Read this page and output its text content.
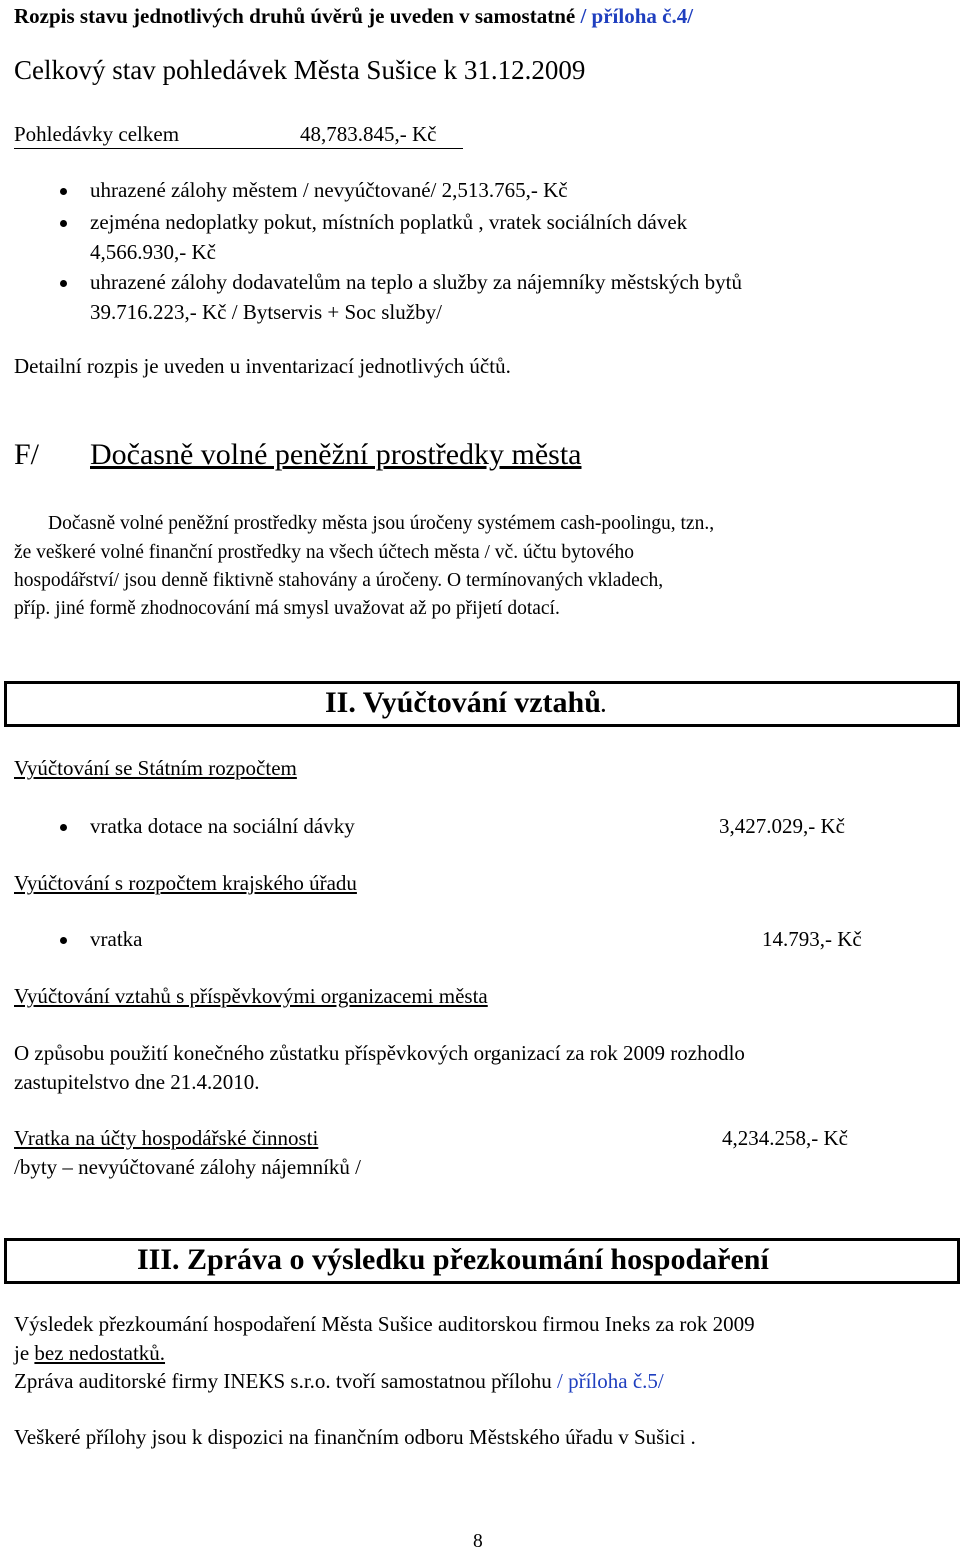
Rozpis stavu jednotlivých druhů úvěrů je uveden v samostatné / příloha č.4/
Celkový stav pohledávek Města Sušice k 31.12.2009
Pohledávky celkem	48,783.845,- Kč
uhrazené zálohy městem / nevyúčtované/ 2,513.765,- Kč
zejména nedoplatky pokut, místních poplatků , vratek sociálních dávek
4,566.930,- Kč
uhrazené zálohy dodavatelům na teplo a služby za nájemníky městských bytů
39.716.223,- Kč / Bytservis + Soc služby/
Detailní rozpis je uveden u inventarizací jednotlivých účtů.
F/ Dočasně volné peněžní prostředky města
Dočasně volné peněžní prostředky města jsou úročeny systémem cash-poolingu, tzn.,
že veškeré volné finanční prostředky na všech účtech města / vč. účtu bytového
hospodářství/ jsou denně fiktivně stahovány a úročeny. O termínovaných vkladech,
příp. jiné formě zhodnocování má smysl uvažovat až po přijetí dotací.
II. Vyúčtování vztahů.
Vyúčtování se Státním rozpočtem
vratka dotace na sociální dávky	3,427.029,- Kč
Vyúčtování s rozpočtem krajského úřadu
vratka	14.793,- Kč
Vyúčtování vztahů s příspěvkovými organizacemi města
O způsobu použití konečného zůstatku příspěvkových organizací za rok 2009 rozhodlo
zastupitelstvo dne 21.4.2010.
Vratka na účty hospodářské činnosti	4,234.258,- Kč
/byty – nevyúčtované zálohy nájemníků /
III. Zpráva o výsledku přezkoumání hospodaření
Výsledek přezkoumání hospodaření Města Sušice auditorskou firmou Ineks za rok 2009
je bez nedostatků.
Zpráva auditorské firmy INEKS s.r.o. tvoří samostatnou přílohu / příloha č.5/
Veškeré přílohy jsou k dispozici na finančním odboru Městského úřadu v Sušici .
8
